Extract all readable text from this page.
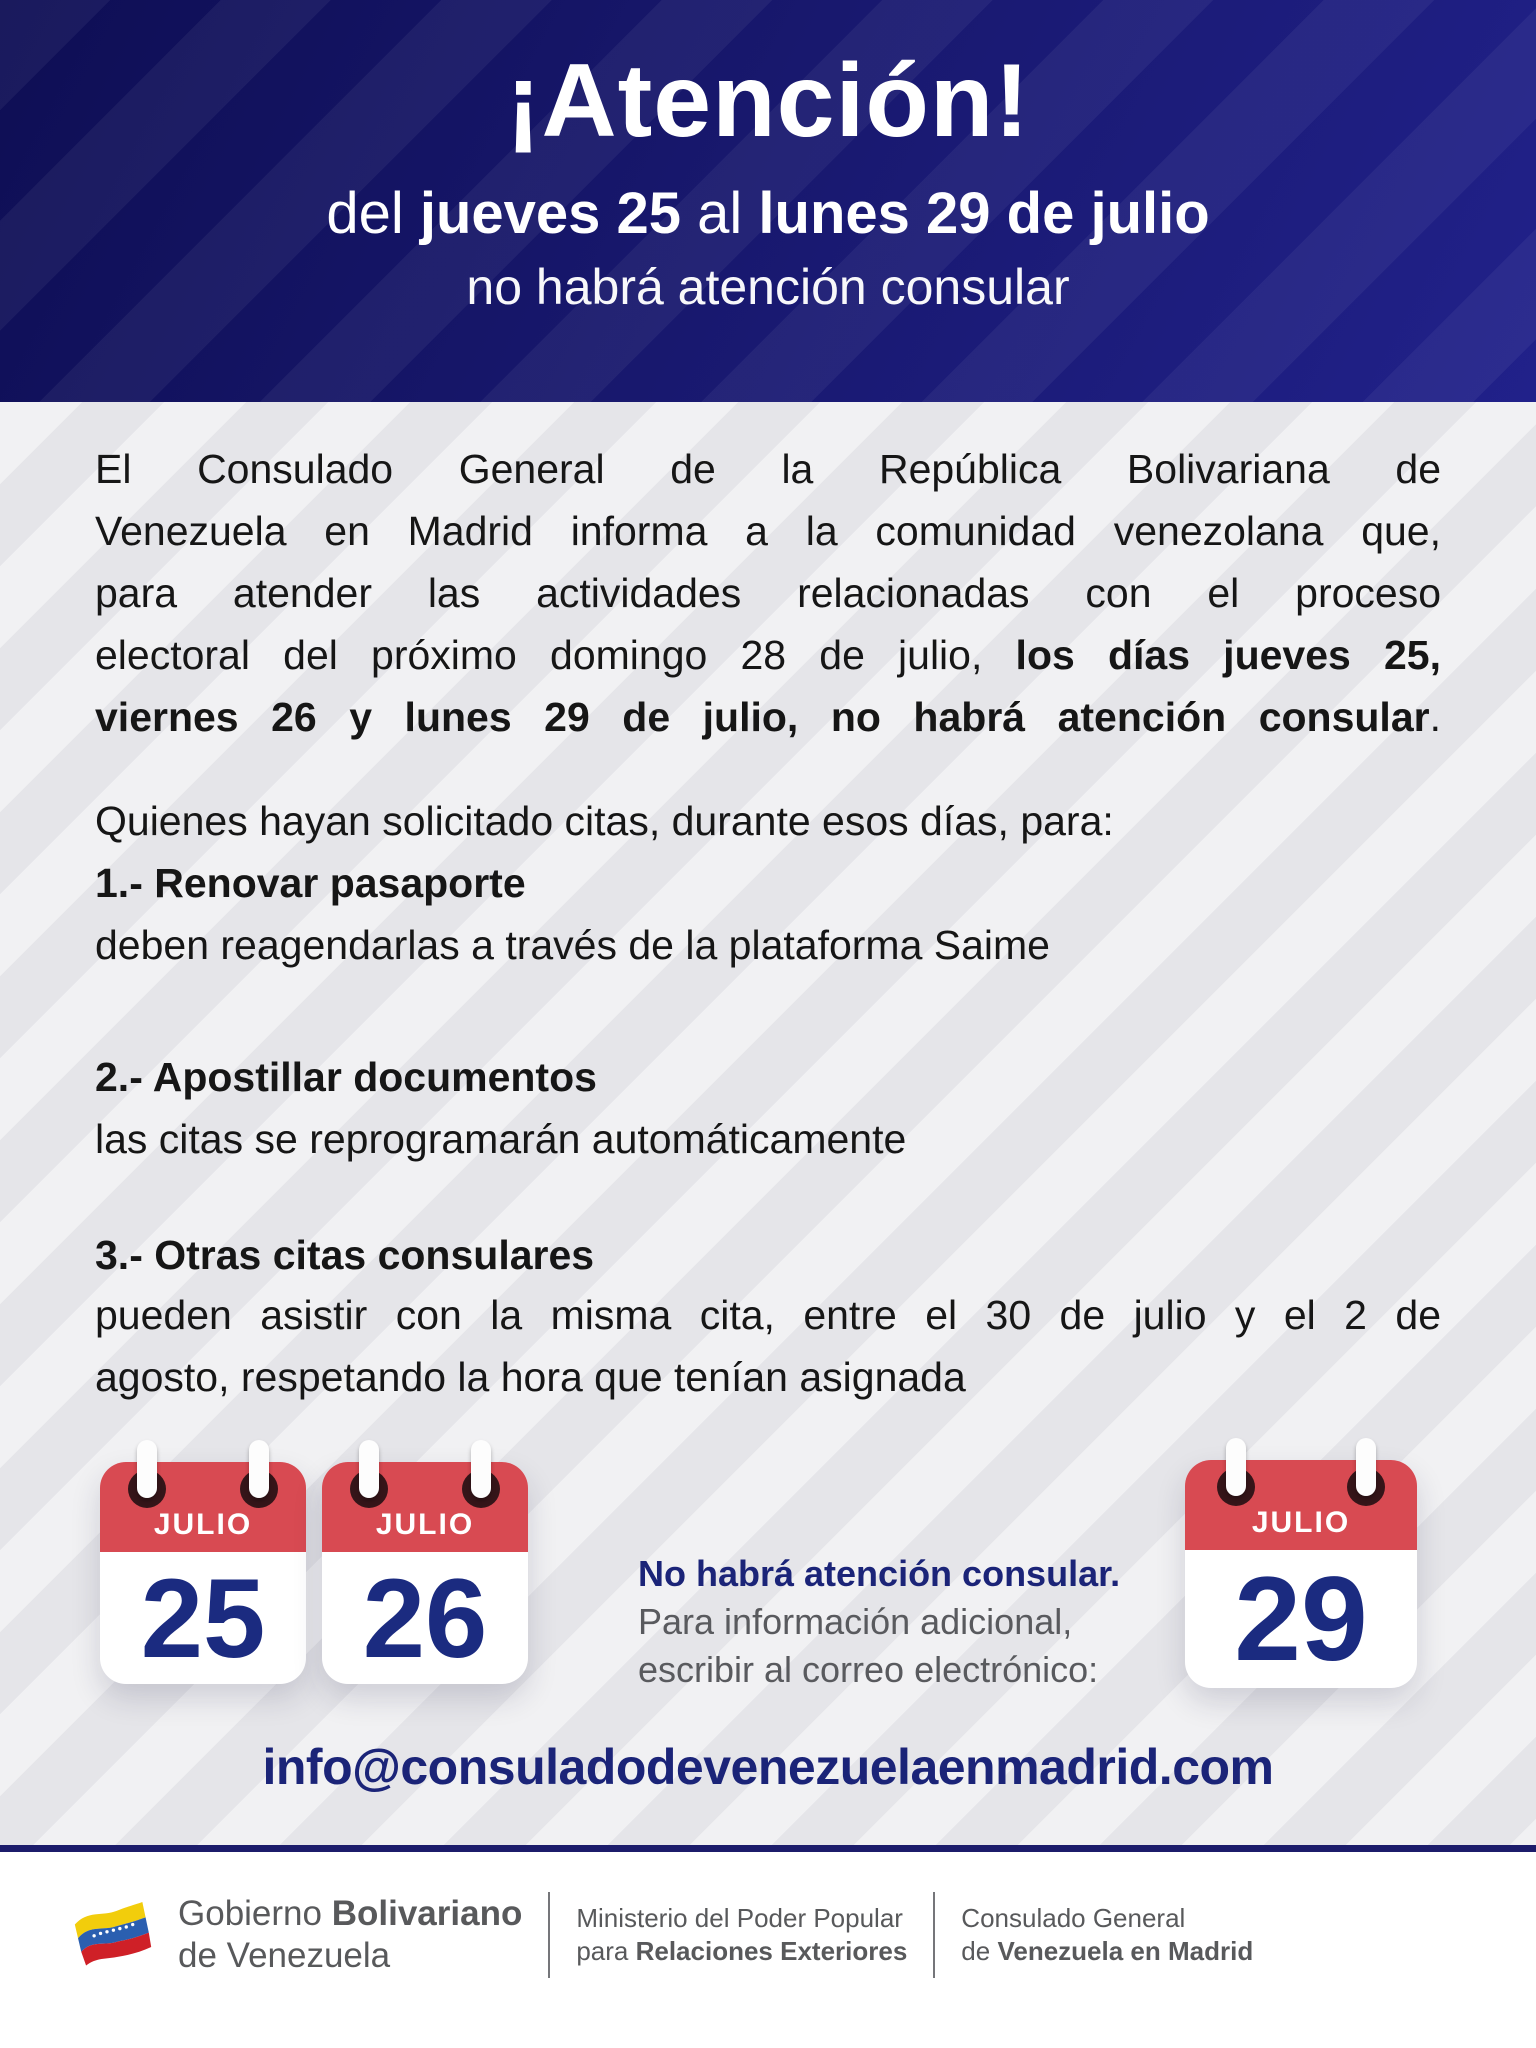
¡Atención!
del jueves 25 al lunes 29 de julio
no habrá atención consular
El Consulado General de la República Bolivariana de
Venezuela en Madrid informa a la comunidad venezolana que,
para atender las actividades relacionadas con el proceso
electoral del próximo domingo 28 de julio, los días jueves 25,
viernes 26 y lunes 29 de julio, no habrá atención consular.
Quienes hayan solicitado citas, durante esos días, para:
1.- Renovar pasaporte
deben reagendarlas a través de la plataforma Saime
2.- Apostillar documentos
las citas se reprogramarán automáticamente
3.- Otras citas consulares
pueden asistir con la misma cita, entre el 30 de julio y el 2 de
agosto, respetando la hora que tenían asignada
JULIO
25
JULIO
26
JULIO
29
No habrá atención consular.
Para información adicional,
escribir al correo electrónico:
info@consuladodevenezuelaenmadrid.com
Gobierno Bolivariano
de Venezuela
Ministerio del Poder Popular
para Relaciones Exteriores
Consulado General
de Venezuela en Madrid
